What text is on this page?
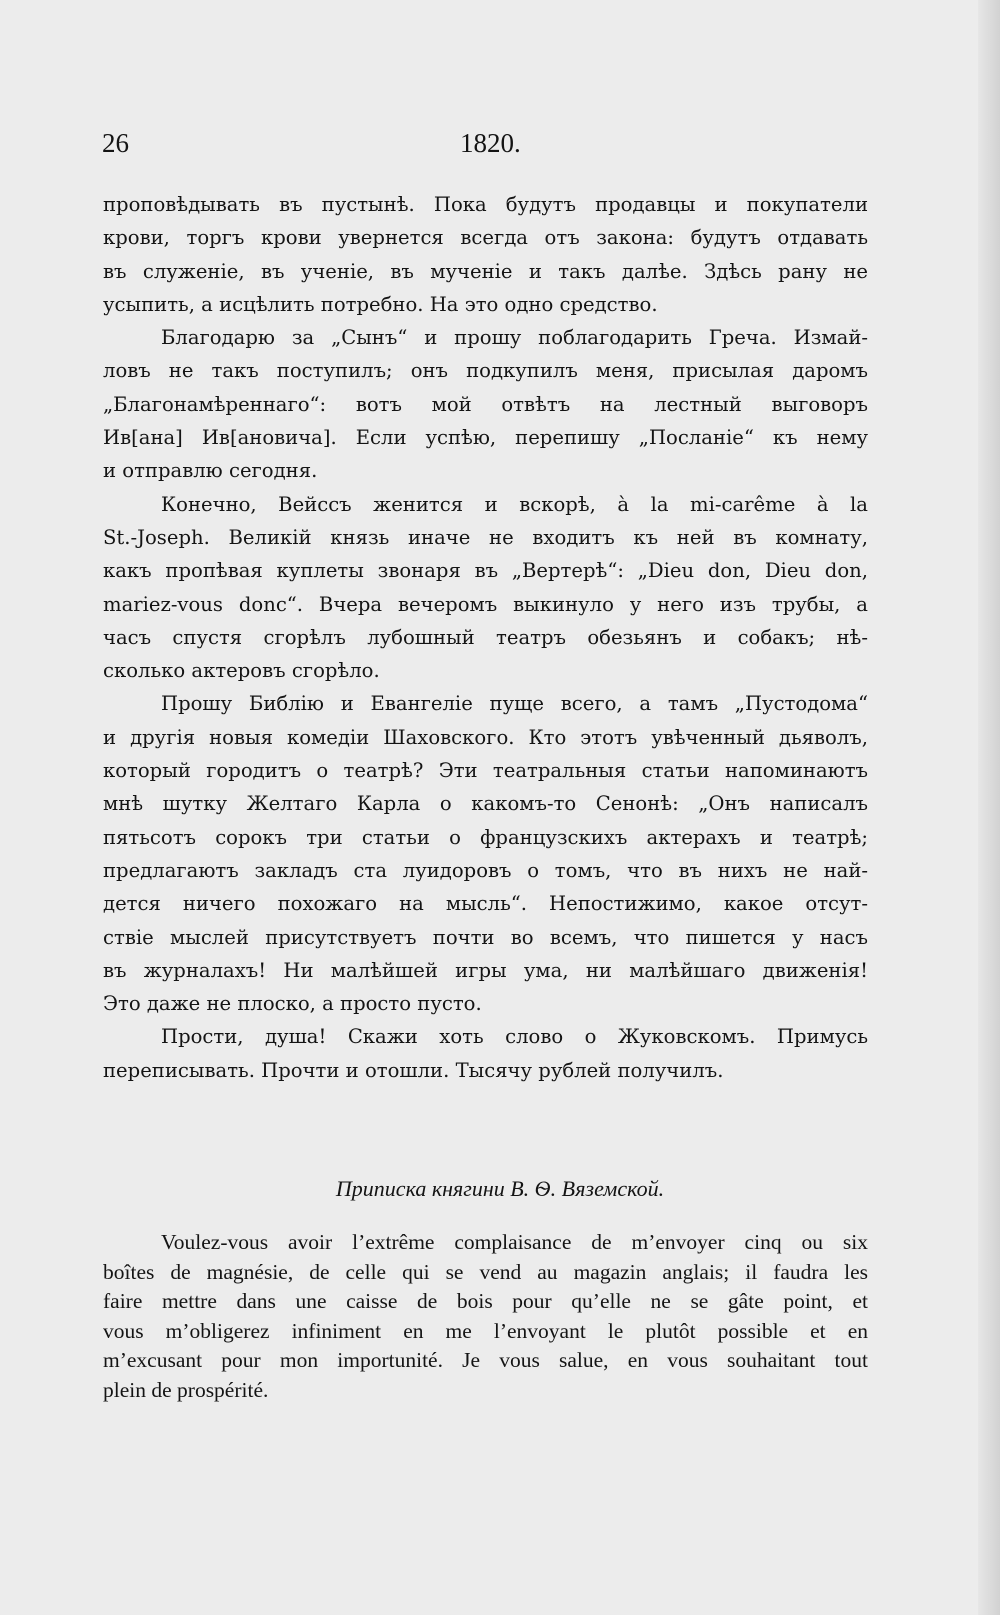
26	1820.
проповѣдывать въ пустынѣ. Пока будутъ продавцы и покупатели
крови, торгъ крови увернется всегда отъ закона: будутъ отдавать
въ служеніе, въ ученіе, въ мученіе и такъ далѣе. Здѣсь рану не
усыпить, а исцѣлить потребно. На это одно средство.
Благодарю за „Сынъ“ и прошу поблагодарить Греча. Измай-
ловъ не такъ поступилъ; онъ подкупилъ меня, присылая даромъ
„Благонамѣреннаго“: вотъ мой отвѣтъ на лестный выговоръ
Ив[ана] Ив[ановича]. Если успѣю, перепишу „Посланіе“ къ нему
и отправлю сегодня.
Конечно, Вейссъ женится и вскорѣ, à la mi-carême à la
St.-Joseph. Великій князь иначе не входитъ къ ней въ комнату,
какъ пропѣвая куплеты звонаря въ „Вертерѣ“: „Dieu don, Dieu don,
mariez-vous donc“. Вчера вечеромъ выкинуло у него изъ трубы, а
часъ спустя сгорѣлъ лубошный театръ обезьянъ и собакъ; нѣ-
сколько актеровъ сгорѣло.
Прошу Библію и Евангеліе пуще всего, а тамъ „Пустодома“
и другія новыя комедіи Шаховского. Кто этотъ увѣченный дьяволъ,
который городитъ о театрѣ? Эти театральныя статьи напоминаютъ
мнѣ шутку Желтаго Карла о какомъ-то Сенонѣ: „Онъ написалъ
пятьсотъ сорокъ три статьи о французскихъ актерахъ и театрѣ;
предлагаютъ закладъ ста луидоровъ о томъ, что въ нихъ не най-
дется ничего похожаго на мысль“. Непостижимо, какое отсут-
ствіе мыслей присутствуетъ почти во всемъ, что пишется у насъ
въ журналахъ! Ни малѣйшей игры ума, ни малѣйшаго движенія!
Это даже не плоско, а просто пусто.
Прости, душа! Скажи хоть слово о Жуковскомъ. Примусь
переписывать. Прочти и отошли. Тысячу рублей получилъ.
Приписка княгини В. Ѳ. Вяземской.
Voulez-vous avoir l’extrême complaisance de m’envoyer cinq ou six
boîtes de magnésie, de celle qui se vend au magazin anglais; il faudra les
faire mettre dans une caisse de bois pour qu’elle ne se gâte point, et
vous m’obligerez infiniment en me l’envoyant le plutôt possible et en
m’excusant pour mon importunité. Je vous salue, en vous souhaitant tout
plein de prospérité.
